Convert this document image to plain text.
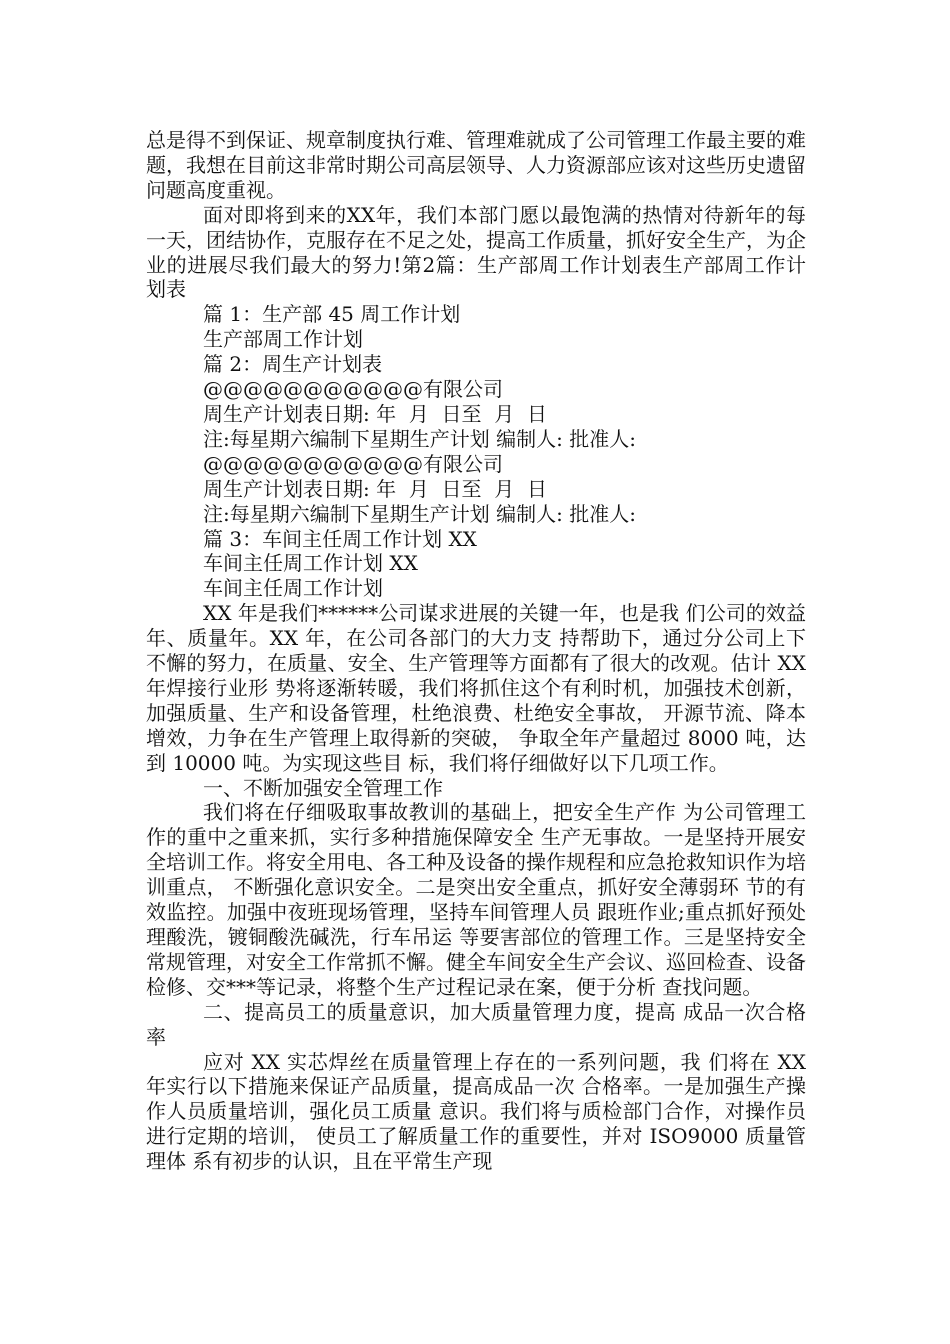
总是得不到保证、规章制度执行难、管理难就成了公司管理工作最主要的难题，我想在目前这非常时期公司高层领导、人力资源部应该对这些历史遗留问题高度重视。

面对即将到来的XX年，我们本部门愿以最饱满的热情对待新年的每一天，团结协作，克服存在不足之处，提高工作质量，抓好安全生产，为企业的进展尽我们最大的努力!第2篇：生产部周工作计划表生产部周工作计划表

篇 1：生产部 45 周工作计划

生产部周工作计划

篇 2：周生产计划表

@@@@@@@@@@@有限公司

周生产计划表日期: 年  月  日至  月  日

注:每星期六编制下星期生产计划 编制人: 批准人:

@@@@@@@@@@@有限公司

周生产计划表日期: 年  月  日至  月  日

注:每星期六编制下星期生产计划 编制人: 批准人:

篇 3：车间主任周工作计划 XX

车间主任周工作计划 XX

车间主任周工作计划

XX 年是我们******公司谋求进展的关键一年，也是我 们公司的效益年、质量年。XX 年，在公司各部门的大力支 持帮助下，通过分公司上下不懈的努力，在质量、安全、生产管理等方面都有了很大的改观。估计 XX 年焊接行业形 势将逐渐转暖，我们将抓住这个有利时机，加强技术创新， 加强质量、生产和设备管理，杜绝浪费、杜绝安全事故， 开源节流、降本增效，力争在生产管理上取得新的突破， 争取全年产量超过 8000 吨，达到 10000 吨。为实现这些目 标，我们将仔细做好以下几项工作。

一、不断加强安全管理工作

我们将在仔细吸取事故教训的基础上，把安全生产作 为公司管理工作的重中之重来抓，实行多种措施保障安全 生产无事故。一是坚持开展安全培训工作。将安全用电、各工种及设备的操作规程和应急抢救知识作为培训重点， 不断强化意识安全。二是突出安全重点，抓好安全薄弱环 节的有效监控。加强中夜班现场管理，坚持车间管理人员 跟班作业;重点抓好预处理酸洗，镀铜酸洗碱洗，行车吊运 等要害部位的管理工作。三是坚持安全常规管理，对安全工作常抓不懈。健全车间安全生产会议、巡回检查、设备 检修、交***等记录，将整个生产过程记录在案，便于分析 查找问题。

二、提高员工的质量意识，加大质量管理力度，提高 成品一次合格率

应对 XX 实芯焊丝在质量管理上存在的一系列问题，我 们将在 XX 年实行以下措施来保证产品质量，提高成品一次 合格率。一是加强生产操作人员质量培训，强化员工质量 意识。我们将与质检部门合作，对操作员进行定期的培训， 使员工了解质量工作的重要性，并对 ISO9000 质量管理体 系有初步的认识，且在平常生产现
